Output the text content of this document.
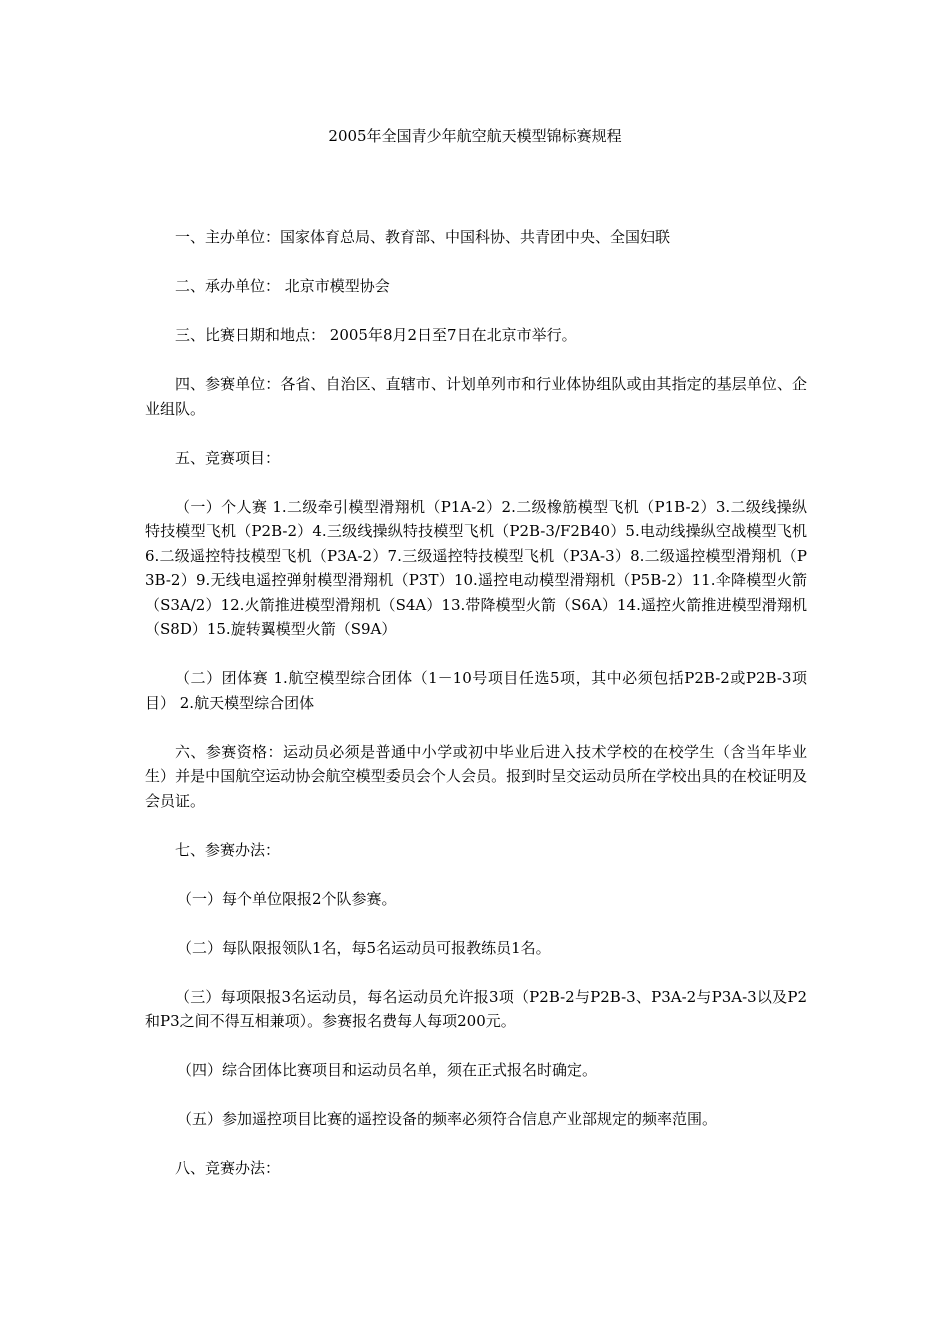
2005年全国青少年航空航天模型锦标赛规程

一、主办单位：国家体育总局、教育部、中国科协、共青团中央、全国妇联

二、承办单位： 北京市模型协会

三、比赛日期和地点： 2005年8月2日至7日在北京市举行。

四、参赛单位：各省、自治区、直辖市、计划单列市和行业体协组队或由其指定的基层单位、企业组队。

五、竞赛项目：

（一）个人赛 1.二级牵引模型滑翔机（P1A-2）2.二级橡筋模型飞机（P1B-2）3.二级线操纵特技模型飞机（P2B-2）4.三级线操纵特技模型飞机（P2B-3/F2B40）5.电动线操纵空战模型飞机 6.二级遥控特技模型飞机（P3A-2）7.三级遥控特技模型飞机（P3A-3）8.二级遥控模型滑翔机（P3B-2）9.无线电遥控弹射模型滑翔机（P3T）10.遥控电动模型滑翔机（P5B-2）11.伞降模型火箭（S3A/2）12.火箭推进模型滑翔机（S4A）13.带降模型火箭（S6A）14.遥控火箭推进模型滑翔机（S8D）15.旋转翼模型火箭（S9A）

（二）团体赛 1.航空模型综合团体（1－10号项目任选5项，其中必须包括P2B-2或P2B-3项目） 2.航天模型综合团体

六、参赛资格：运动员必须是普通中小学或初中毕业后进入技术学校的在校学生（含当年毕业生）并是中国航空运动协会航空模型委员会个人会员。报到时呈交运动员所在学校出具的在校证明及会员证。

七、参赛办法：

（一）每个单位限报2个队参赛。

（二）每队限报领队1名，每5名运动员可报教练员1名。

（三）每项限报3名运动员，每名运动员允许报3项（P2B-2与P2B-3、P3A-2与P3A-3以及P2和P3之间不得互相兼项）。参赛报名费每人每项200元。

（四）综合团体比赛项目和运动员名单，须在正式报名时确定。

（五）参加遥控项目比赛的遥控设备的频率必须符合信息产业部规定的频率范围。

八、竞赛办法：
